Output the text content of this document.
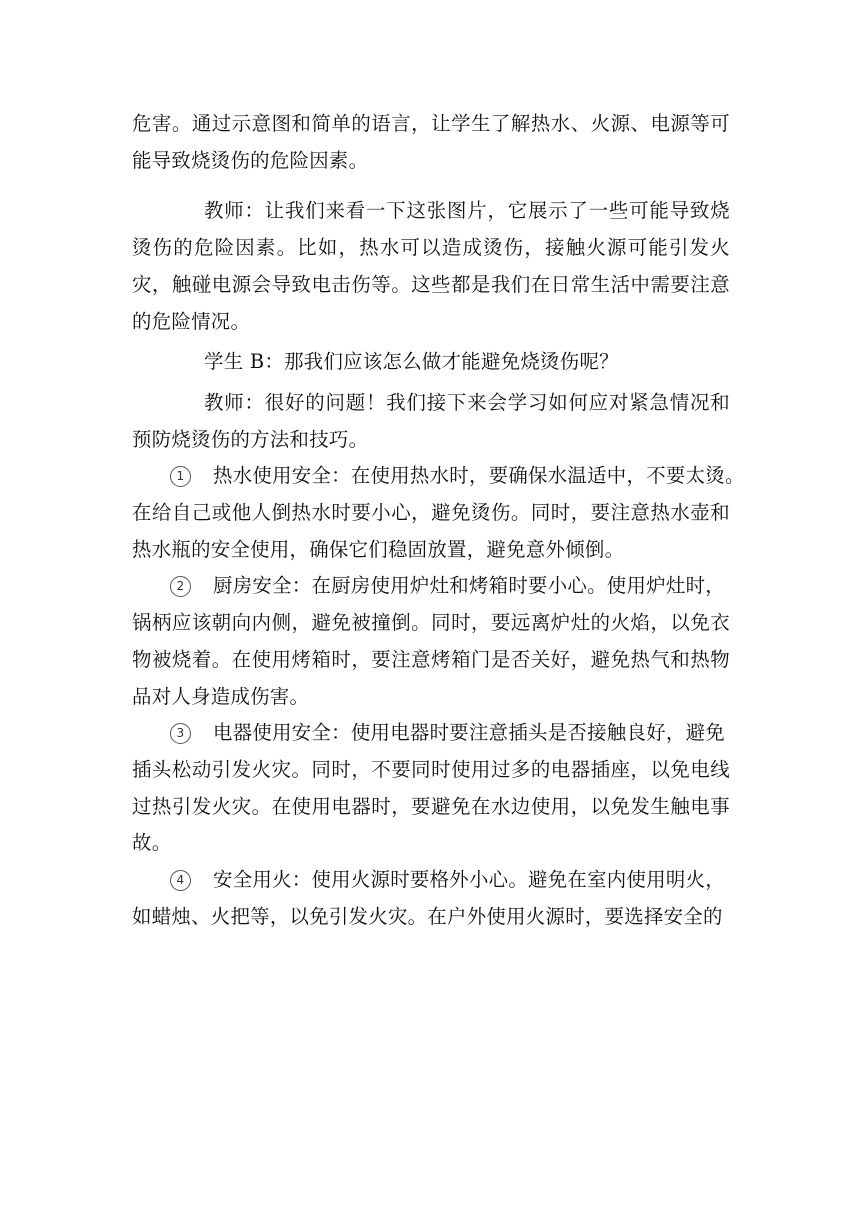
危害。通过示意图和简单的语言，让学生了解热水、火源、电源等可能导致烧烫伤的危险因素。

教师：让我们来看一下这张图片，它展示了一些可能导致烧烫伤的危险因素。比如，热水可以造成烫伤，接触火源可能引发火灾，触碰电源会导致电击伤等。这些都是我们在日常生活中需要注意的危险情况。

学生 B：那我们应该怎么做才能避免烧烫伤呢？

教师：很好的问题！我们接下来会学习如何应对紧急情况和预防烧烫伤的方法和技巧。

1 热水使用安全：在使用热水时，要确保水温适中，不要太烫。
在给自己或他人倒热水时要小心，避免烫伤。同时，要注意热水壶和热水瓶的安全使用，确保它们稳固放置，避免意外倾倒。
2 厨房安全：在厨房使用炉灶和烤箱时要小心。使用炉灶时，
锅柄应该朝向内侧，避免被撞倒。同时，要远离炉灶的火焰，以免衣物被烧着。在使用烤箱时，要注意烤箱门是否关好，避免热气和热物品对人身造成伤害。
3 电器使用安全：使用电器时要注意插头是否接触良好，避免
插头松动引发火灾。同时，不要同时使用过多的电器插座，以免电线过热引发火灾。在使用电器时，要避免在水边使用，以免发生触电事故。
4 安全用火：使用火源时要格外小心。避免在室内使用明火，
如蜡烛、火把等，以免引发火灾。在户外使用火源时，要选择安全的
